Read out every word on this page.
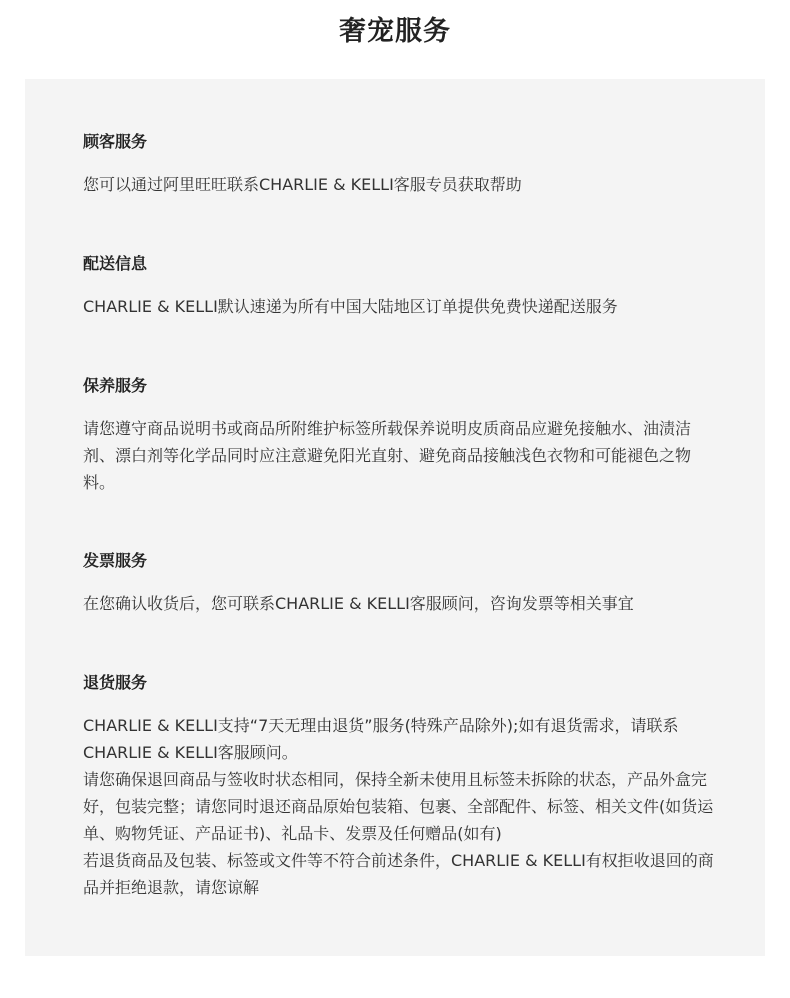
奢宠服务
顾客服务

您可以通过阿里旺旺联系CHARLIE & KELLI客服专员获取帮助

配送信息

CHARLIE & KELLI默认速递为所有中国大陆地区订单提供免费快递配送服务

保养服务

请您遵守商品说明书或商品所附维护标签所载保养说明皮质商品应避免接触水、油渍洁剂、漂白剂等化学品同时应注意避免阳光直射、避免商品接触浅色衣物和可能褪色之物料。

发票服务

在您确认收货后，您可联系CHARLIE & KELLI客服顾问，咨询发票等相关事宜

退货服务

CHARLIE & KELLI支持“7天无理由退货”服务(特殊产品除外);如有退货需求，请联系CHARLIE & KELLI客服顾问。

请您确保退回商品与签收时状态相同，保持全新未使用且标签未拆除的状态，产品外盒完好，包装完整；请您同时退还商品原始包装箱、包裹、全部配件、标签、相关文件(如货运单、购物凭证、产品证书)、礼品卡、发票及任何赠品(如有)

若退货商品及包装、标签或文件等不符合前述条件，CHARLIE & KELLI有权拒收退回的商品并拒绝退款，请您谅解
